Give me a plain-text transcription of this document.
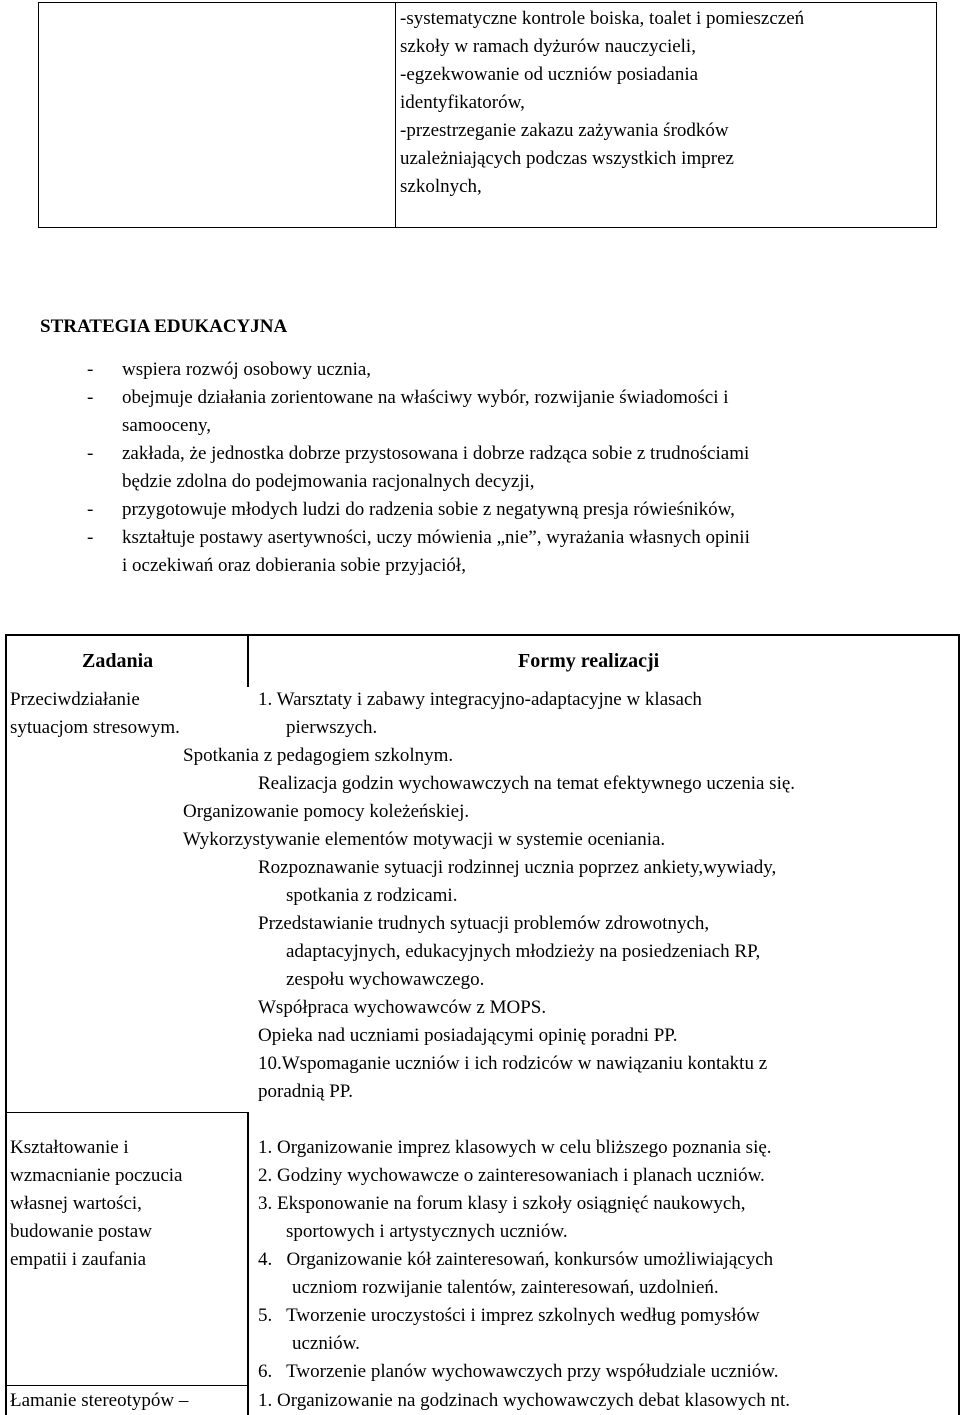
-systematyczne kontrole boiska, toalet i pomieszczeń
szkoły w ramach dyżurów nauczycieli,
-egzekwowanie od uczniów posiadania
identyfikatorów,
-przestrzeganie zakazu zażywania środków
uzależniających podczas wszystkich imprez
szkolnych,
STRATEGIA EDUKACYJNA
- wspiera rozwój osobowy ucznia,
- obejmuje działania zorientowane na właściwy wybór, rozwijanie świadomości i
samooceny,
- zakłada, że jednostka dobrze przystosowana i dobrze radząca sobie z trudnościami
będzie zdolna do podejmowania racjonalnych decyzji,
- przygotowuje młodych ludzi do radzenia sobie z negatywną presja rówieśników,
- kształtuje postawy asertywności, uczy mówienia „nie”, wyrażania własnych opinii
i oczekiwań oraz dobierania sobie przyjaciół,
Zadania	Formy realizacji
Przeciwdziałanie
sytuacjom stresowym.
1. Warsztaty i zabawy integracyjno-adaptacyjne w klasach
pierwszych.
Spotkania z pedagogiem szkolnym.
Realizacja godzin wychowawczych na temat efektywnego uczenia się.
Organizowanie pomocy koleżeńskiej.
Wykorzystywanie elementów motywacji w systemie oceniania.
Rozpoznawanie sytuacji rodzinnej ucznia poprzez ankiety,wywiady,
spotkania z rodzicami.
Przedstawianie trudnych sytuacji problemów zdrowotnych,
adaptacyjnych, edukacyjnych młodzieży na posiedzeniach RP,
zespołu wychowawczego.
Współpraca wychowawców z MOPS.
Opieka nad uczniami posiadającymi opinię poradni PP.
10.Wspomaganie uczniów i ich rodziców w nawiązaniu kontaktu z
poradnią PP.
Kształtowanie i
wzmacnianie poczucia
własnej wartości,
budowanie postaw
empatii i zaufania
1. Organizowanie imprez klasowych w celu bliższego poznania się.
2. Godziny wychowawcze o zainteresowaniach i planach uczniów.
3. Eksponowanie na forum klasy i szkoły osiągnięć naukowych,
sportowych i artystycznych uczniów.
4.   Organizowanie kół zainteresowań, konkursów umożliwiających
uczniom rozwijanie talentów, zainteresowań, uzdolnień.
5.   Tworzenie uroczystości i imprez szkolnych według pomysłów
uczniów.
6.   Tworzenie planów wychowawczych przy współudziale uczniów.
Łamanie stereotypów –	1. Organizowanie na godzinach wychowawczych debat klasowych nt.
